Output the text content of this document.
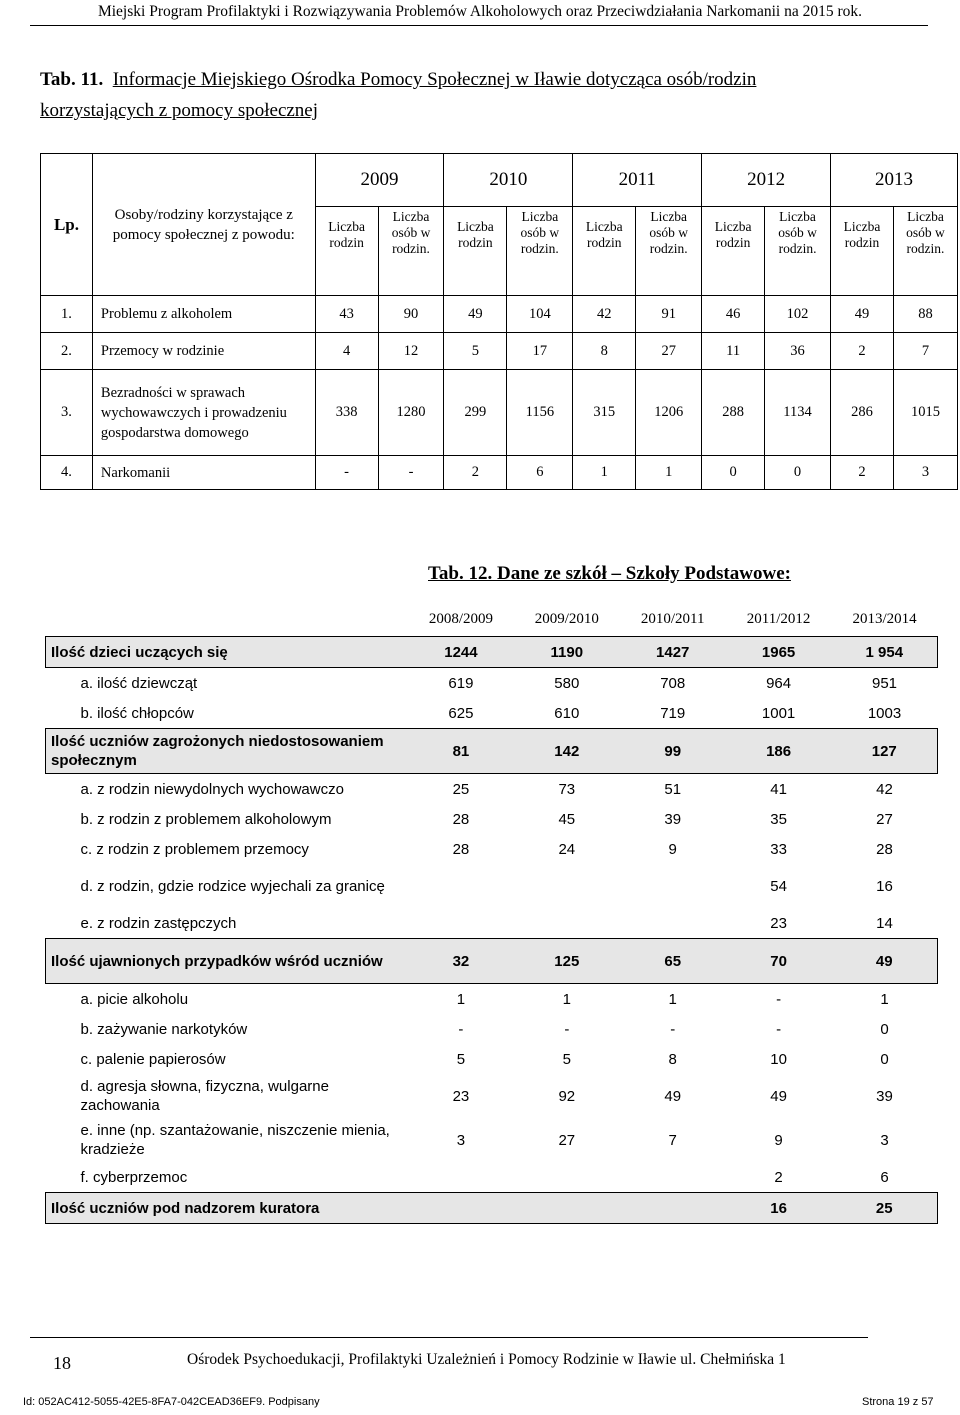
Miejski Program Profilaktyki i Rozwiązywania Problemów Alkoholowych oraz Przeciwdziałania Narkomanii na 2015 rok.
Tab. 11. Informacje Miejskiego Ośrodka Pomocy Społecznej w Iławie dotycząca osób/rodzin
korzystających z pomocy społecznej
Lp.	Osoby/rodziny korzystające z pomocy społecznej z powodu:	2009		2010		2011		2012		2013	
		Liczba rodzin	Liczba osób w rodzin.	Liczba rodzin	Liczba osób w rodzin.	Liczba rodzin	Liczba osób w rodzin.	Liczba rodzin	Liczba osób w rodzin.	Liczba rodzin	Liczba osób w rodzin.
1.	Problemu z alkoholem	43	90	49	104	42	91	46	102	49	88
2.	Przemocy w rodzinie	4	12	5	17	8	27	11	36	2	7
3.	Bezradności w sprawach wychowawczych i prowadzeniu gospodarstwa domowego	338	1280	299	1156	315	1206	288	1134	286	1015
4.	Narkomanii	-	-	2	6	1	1	0	0	2	3
Tab. 12. Dane ze szkół – Szkoły Podstawowe:
	2008/2009	2009/2010	2010/2011	2011/2012	2013/2014
Ilość dzieci uczących się	1244	1190	1427	1965	1 954
a. ilość dziewcząt	619	580	708	964	951
b. ilość chłopców	625	610	719	1001	1003
Ilość uczniów zagrożonych niedostosowaniem społecznym	81	142	99	186	127
a. z rodzin niewydolnych wychowawczo	25	73	51	41	42
b. z rodzin z problemem alkoholowym	28	45	39	35	27
c. z rodzin z problemem przemocy	28	24	9	33	28
d. z rodzin, gdzie rodzice wyjechali za granicę				54	16
e. z rodzin zastępczych				23	14
Ilość ujawnionych przypadków wśród uczniów	32	125	65	70	49
a. picie alkoholu	1	1	1	-	1
b. zażywanie narkotyków	-	-	-	-	0
c. palenie papierosów	5	5	8	10	0
d. agresja słowna, fizyczna, wulgarne zachowania	23	92	49	49	39
e. inne (np. szantażowanie, niszczenie mienia, kradzieże	3	27	7	9	3
f. cyberprzemoc				2	6
Ilość uczniów pod nadzorem kuratora				16	25
18	Ośrodek Psychoedukacji, Profilaktyki Uzależnień i Pomocy Rodzinie w Iławie ul. Chełmińska 1
Id: 052AC412-5055-42E5-8FA7-042CEAD36EF9. Podpisany	Strona 19 z 57
